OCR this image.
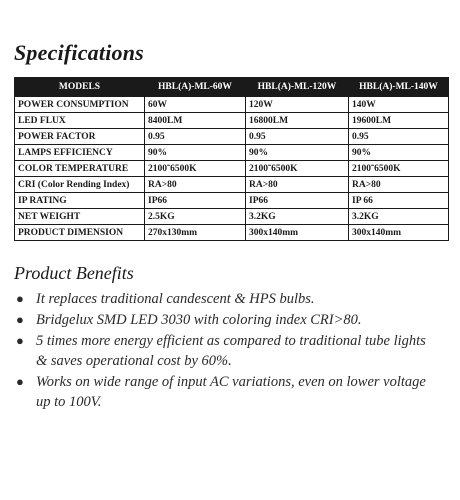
Specifications
MODELS	HBL(A)-ML-60W	HBL(A)-ML-120W	HBL(A)-ML-140W
POWER CONSUMPTION	60W	120W	140W
LED FLUX	8400LM	16800LM	19600LM
POWER FACTOR	0.95	0.95	0.95
LAMPS EFFICIENCY	90%	90%	90%
COLOR TEMPERATURE	2100˜6500K	2100˜6500K	2100˜6500K
CRI (Color Rending Index)	RA>80	RA>80	RA>80
IP RATING	IP66	IP66	IP 66
NET WEIGHT	2.5KG	3.2KG	3.2KG
PRODUCT DIMENSION	270x130mm	300x140mm	300x140mm
Product Benefits
● It replaces traditional candescent & HPS bulbs.
● Bridgelux SMD LED 3030 with coloring index CRI>80.
● 5 times more energy efficient as compared to traditional tube lights & saves operational cost by 60%.
● Works on wide range of input AC variations, even on lower voltage up to 100V.
